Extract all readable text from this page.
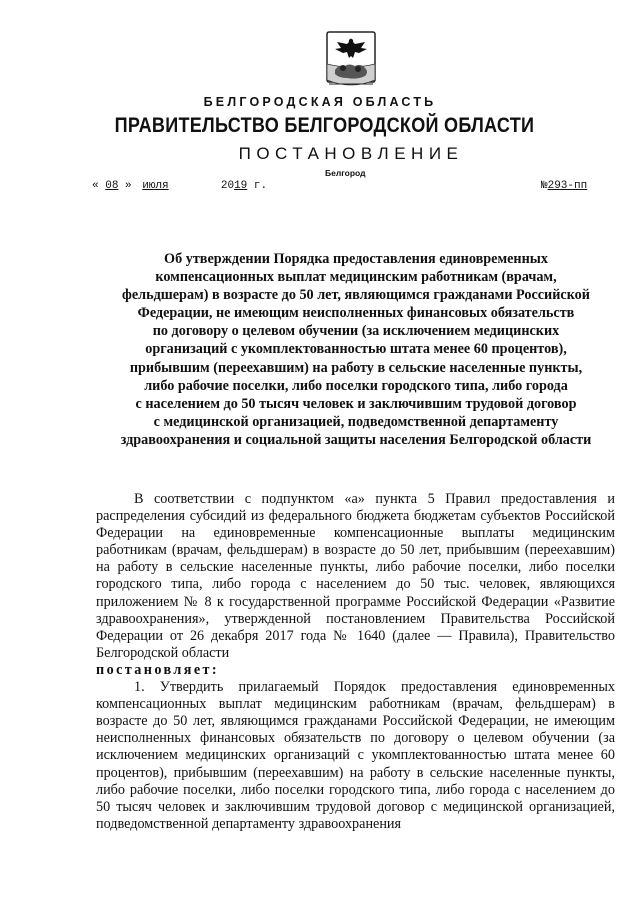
БЕЛГОРОДСКАЯ ОБЛАСТЬ
ПРАВИТЕЛЬСТВО БЕЛГОРОДСКОЙ ОБЛАСТИ
ПОСТАНОВЛЕНИЕ
Белгород
« 08 » июля	2019 г.	№293-пп
Об утверждении Порядка предоставления единовременных
компенсационных выплат медицинским работникам (врачам,
фельдшерам) в возрасте до 50 лет, являющимся гражданами Российской
Федерации, не имеющим неисполненных финансовых обязательств
по договору о целевом обучении (за исключением медицинских
организаций с укомплектованностью штата менее 60 процентов),
прибывшим (переехавшим) на работу в сельские населенные пункты,
либо рабочие поселки, либо поселки городского типа, либо города
с населением до 50 тысяч человек и заключившим трудовой договор
с медицинской организацией, подведомственной департаменту
здравоохранения и социальной защиты населения Белгородской области

В соответствии с подпунктом «а» пункта 5 Правил предоставления и распределения субсидий из федерального бюджета бюджетам субъектов Российской Федерации на единовременные компенсационные выплаты медицинским работникам (врачам, фельдшерам) в возрасте до 50 лет, прибывшим (переехавшим) на работу в сельские населенные пункты, либо рабочие поселки, либо поселки городского типа, либо города с населением до 50 тыс. человек, являющихся приложением № 8 к государственной программе Российской Федерации «Развитие здравоохранения», утвержденной постановлением Правительства Российской Федерации от 26 декабря 2017 года № 1640 (далее — Правила), Правительство Белгородской области

постановляет:

1. Утвердить прилагаемый Порядок предоставления единовременных компенсационных выплат медицинским работникам (врачам, фельдшерам) в возрасте до 50 лет, являющимся гражданами Российской Федерации, не имеющим неисполненных финансовых обязательств по договору о целевом обучении (за исключением медицинских организаций с укомплектованностью штата менее 60 процентов), прибывшим (переехавшим) на работу в сельские населенные пункты, либо рабочие поселки, либо поселки городского типа, либо города с населением до 50 тысяч человек и заключившим трудовой договор с медицинской организацией, подведомственной департаменту здравоохранения
